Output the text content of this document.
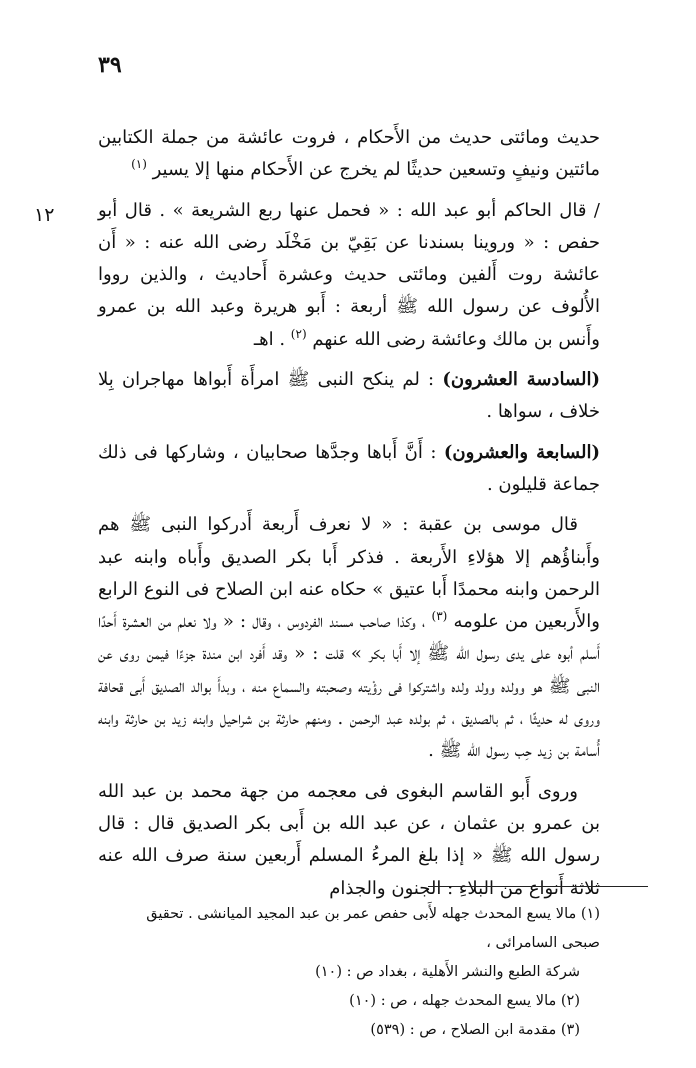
٣٩
١٢

حديث ومائتى حديث من الأَحكام ، فروت عائشة من جملة الكتابين مائتين ونيفٍ وتسعين حديثًا لم يخرج عن الأَحكام منها إلا يسير $^{(١)}$

/ قال الحاكم أبو عبد الله : « فحمل عنها ربع الشريعة » . قال أبو حفص : « وروينا بسندنا عن بَقِيّ بن مَخْلَد رضى الله عنه : « أَن عائشة روت أَلفين ومائتى حديث وعشرة أَحاديث ، والذين رووا الأُلوف عن رسول الله ﷺ أربعة : أَبو هريرة وعبد الله بن عمرو وأَنس بن مالك وعائشة رضى الله عنهم $^{(٢)}$ . اهـ

(السادسة العشرون) : لم ينكح النبى ﷺ امرأَة أَبواها مهاجران بِلا خلاف ، سواها .

(السابعة والعشرون) : أَنَّ أَباها وجدَّها صحابيان ، وشاركها فى ذلك جماعة قليلون .

قال موسى بن عقبة : « لا نعرف أَربعة أَدركوا النبى ﷺ هم وأَبناؤُهم إلا هؤلاءِ الأَربعة . فذكر أَبا بكر الصديق وأَباه وابنه عبد الرحمن وابنه محمدًا أَبا عتيق » حكاه عنه ابن الصلاح فى النوع الرابع والأَربعين من علومه $^{(٣)}$ ، وكذا صاحب مسند الفردوس ، وقال : « ولا نعلم من العشرة أَحدًا أَسلم أبوه على يدى رسول الله ﷺ إلا أَبا بكر » قلت : « وقد أَفرد ابن مندة جزءًا فيمن روى عن النبى ﷺ هو وولده وولد ولده واشتركوا فى رؤْيته وصحبته والسماع منه ، وبدأَ بوالد الصديق أَبى قحافة وروى له حديثًا ، ثم بالصديق ، ثم بولده عبد الرحمن . ومنهم حارثة بن شراحيل وابنه زيد بن حارثة وابنه أُسامة بن زيد حِب رسول الله ﷺ .

وروى أَبو القاسم البغوى فى معجمه من جهة محمد بن عبد الله بن عمرو بن عثمان ، عن عبد الله بن أَبى بكر الصديق قال : قال رسول الله ﷺ « إذا بلغ المرءُ المسلم أَربعين سنة صرف الله عنه ثلاثة أَنواع من البلاءِ : الجنون والجذام

(١) مالا يسع المحدث جهله لأَبى حفص عمر بن عبد المجيد الميانشى . تحقيق صبحى السامرائى ،

شركة الطبع والنشر الأَهلية ، بغداد ص : (١٠)

(٢) مالا يسع المحدث جهله ، ص : (١٠)

(٣) مقدمة ابن الصلاح ، ص : (٥٣٩)
